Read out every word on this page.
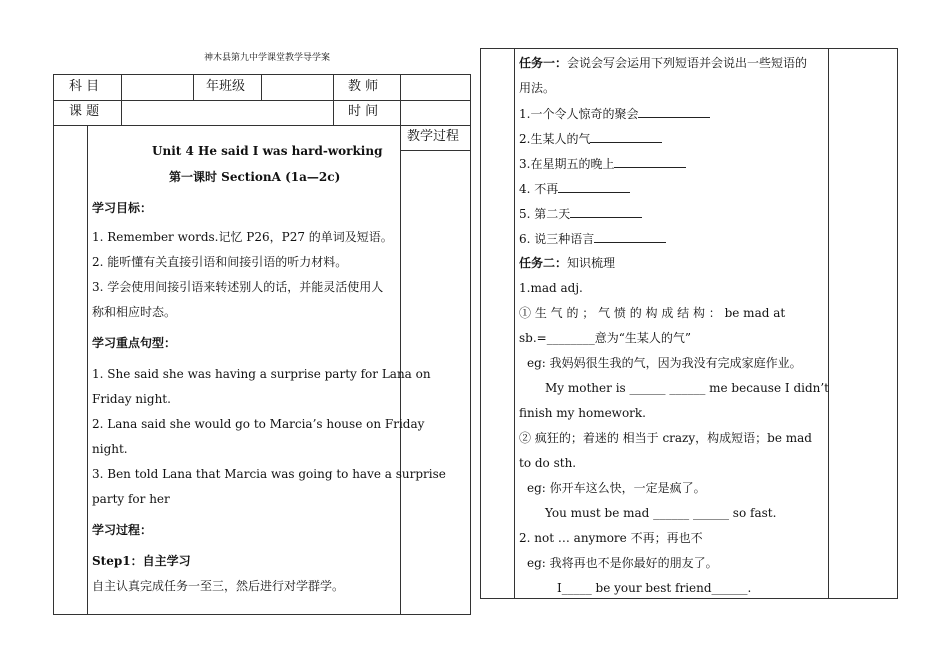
神木县第九中学课堂教学导学案
科 目	年班级	教 师
课 题	时 间
教学过程
Unit 4 He said I was hard-working
第一课时 SectionA (1a—2c)
学习目标：
1. Remember words.记忆 P26，P27 的单词及短语。
2. 能听懂有关直接引语和间接引语的听力材料。
3. 学会使用间接引语来转述别人的话，并能灵活使用人
称和相应时态。
学习重点句型：
1. She said she was having a surprise party for Lana on
Friday night.
2. Lana said she would go to Marcia’s house on Friday
night.
3. Ben told Lana that Marcia was going to have a surprise
party for her
学习过程：
Step1：自主学习
自主认真完成任务一至三，然后进行对学群学。
任务一：会说会写会运用下列短语并会说出一些短语的
用法。
1.一个令人惊奇的聚会
2.生某人的气
3.在星期五的晚上
4. 不再
5. 第二天
6. 说三种语言
任务二：知识梳理
1.mad adj.
① 生 气 的 ； 气 愤 的 构 成 结 构 ： be mad at
sb.=________意为“生某人的气”
eg: 我妈妈很生我的气，因为我没有完成家庭作业。
My mother is ______ ______ me because I didn’t
finish my homework.
② 疯狂的；着迷的 相当于 crazy，构成短语；be mad
to do sth.
eg: 你开车这么快，一定是疯了。
You must be mad ______ ______ so fast.
2. not … anymore 不再；再也不
eg: 我将再也不是你最好的朋友了。
I_____ be your best friend______.
